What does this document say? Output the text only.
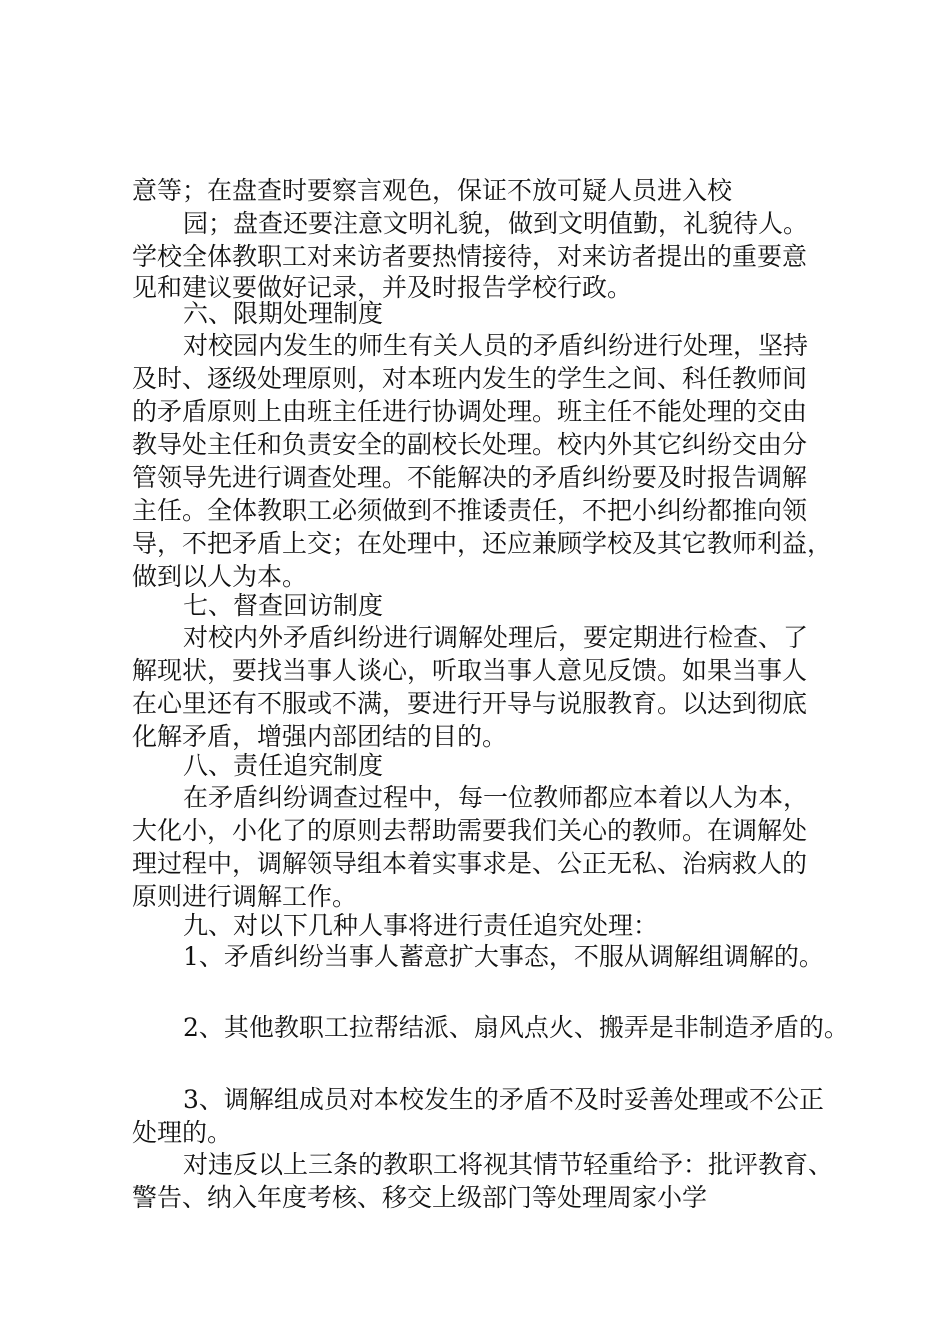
意等；在盘查时要察言观色，保证不放可疑人员进入校
园；盘查还要注意文明礼貌，做到文明值勤，礼貌待人。
学校全体教职工对来访者要热情接待，对来访者提出的重要意
见和建议要做好记录，并及时报告学校行政。
六、限期处理制度
对校园内发生的师生有关人员的矛盾纠纷进行处理，坚持
及时、逐级处理原则，对本班内发生的学生之间、科任教师间
的矛盾原则上由班主任进行协调处理。班主任不能处理的交由
教导处主任和负责安全的副校长处理。校内外其它纠纷交由分
管领导先进行调查处理。不能解决的矛盾纠纷要及时报告调解
主任。全体教职工必须做到不推诿责任，不把小纠纷都推向领
导，不把矛盾上交；在处理中，还应兼顾学校及其它教师利益，
做到以人为本。
七、督查回访制度
对校内外矛盾纠纷进行调解处理后，要定期进行检查、了
解现状，要找当事人谈心，听取当事人意见反馈。如果当事人
在心里还有不服或不满，要进行开导与说服教育。以达到彻底
化解矛盾，增强内部团结的目的。
八、责任追究制度
在矛盾纠纷调查过程中，每一位教师都应本着以人为本，
大化小，小化了的原则去帮助需要我们关心的教师。在调解处
理过程中，调解领导组本着实事求是、公正无私、治病救人的
原则进行调解工作。
九、对以下几种人事将进行责任追究处理：
1、矛盾纠纷当事人蓄意扩大事态，不服从调解组调解的。
2、其他教职工拉帮结派、扇风点火、搬弄是非制造矛盾的。
3、调解组成员对本校发生的矛盾不及时妥善处理或不公正
处理的。
对违反以上三条的教职工将视其情节轻重给予：批评教育、
警告、纳入年度考核、移交上级部门等处理周家小学
